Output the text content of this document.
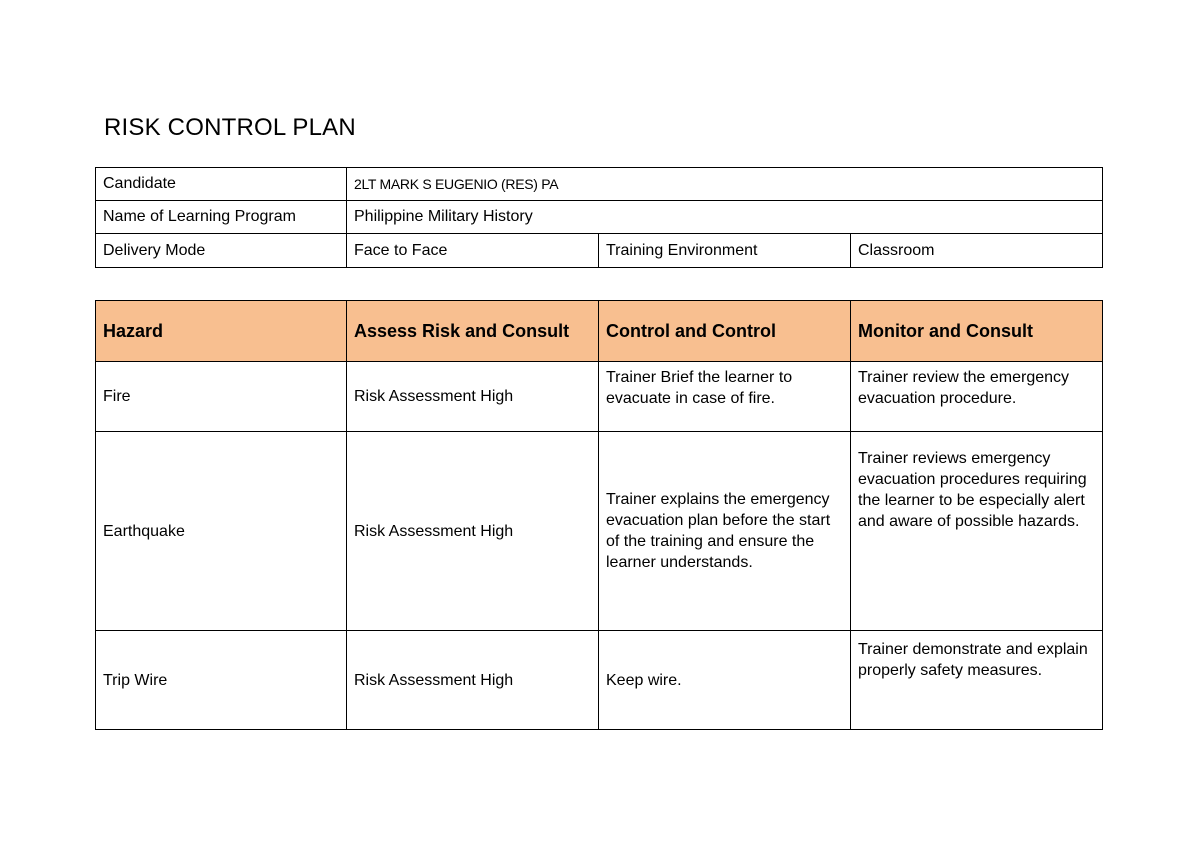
RISK CONTROL PLAN
Candidate	2LT MARK S EUGENIO (RES) PA		
Name of Learning Program	Philippine Military History		
Delivery Mode	Face to Face	Training Environment	Classroom
Hazard	Assess Risk and Consult	Control and Control	Monitor and Consult
Fire	Risk Assessment High	Trainer Brief the learner to evacuate in case of fire.	Trainer review the emergency evacuation procedure.
Earthquake	Risk Assessment High	Trainer explains the emergency evacuation plan before the start of the training and ensure the learner understands.	Trainer reviews emergency evacuation procedures requiring the learner to be especially alert and aware of possible hazards.
Trip Wire	Risk Assessment High	Keep wire.	Trainer demonstrate and explain properly safety measures.
